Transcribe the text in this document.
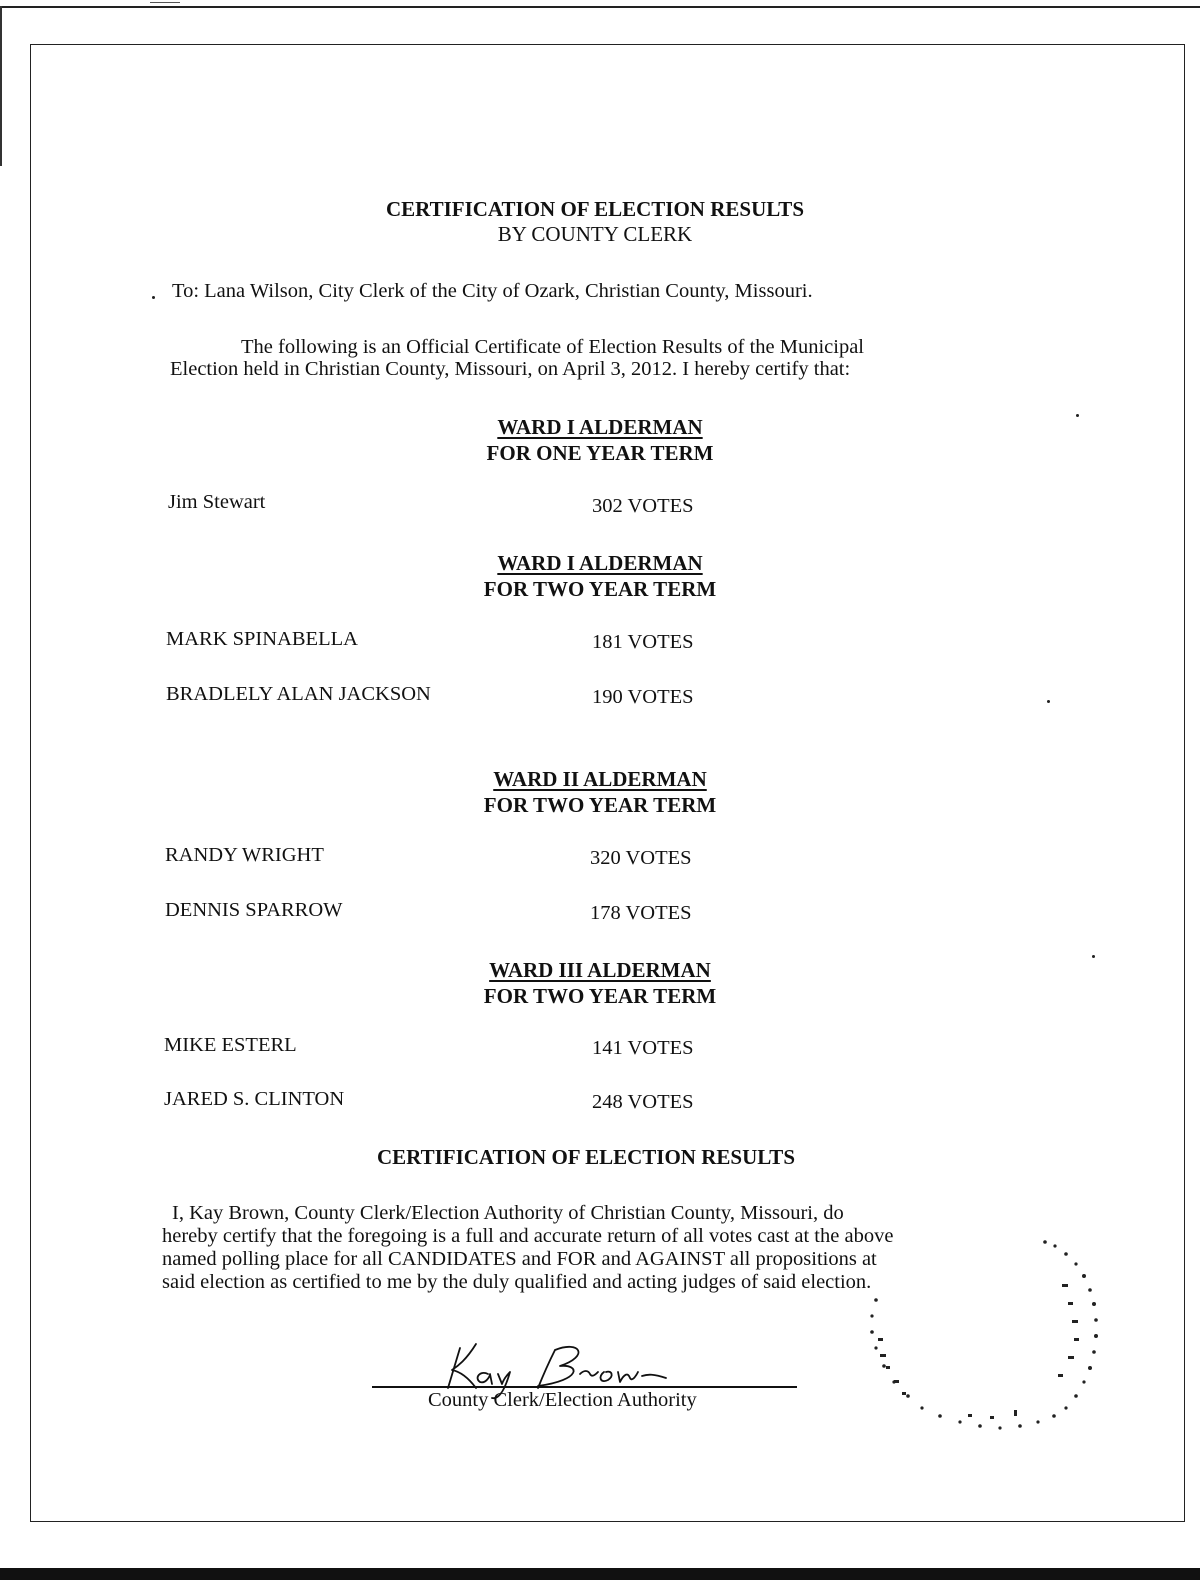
CERTIFICATION OF ELECTION RESULTS
BY COUNTY CLERK
To: Lana Wilson, City Clerk of the City of Ozark, Christian County, Missouri.
The following is an Official Certificate of Election Results of the Municipal
Election held in Christian County, Missouri, on April 3, 2012. I hereby certify that:
WARD I ALDERMAN
FOR ONE YEAR TERM
Jim Stewart	302 VOTES
WARD I ALDERMAN
FOR TWO YEAR TERM
MARK SPINABELLA	181 VOTES
BRADLELY ALAN JACKSON	190 VOTES
WARD II ALDERMAN
FOR TWO YEAR TERM
RANDY WRIGHT	320 VOTES
DENNIS SPARROW	178 VOTES
WARD III ALDERMAN
FOR TWO YEAR TERM
MIKE ESTERL	141 VOTES
JARED S. CLINTON	248 VOTES
CERTIFICATION OF ELECTION RESULTS
I, Kay Brown, County Clerk/Election Authority of Christian County, Missouri, do
hereby certify that the foregoing is a full and accurate return of all votes cast at the above
named polling place for all CANDIDATES and FOR and AGAINST all propositions at
said election as certified to me by the duly qualified and acting judges of said election.
County Clerk/Election Authority
